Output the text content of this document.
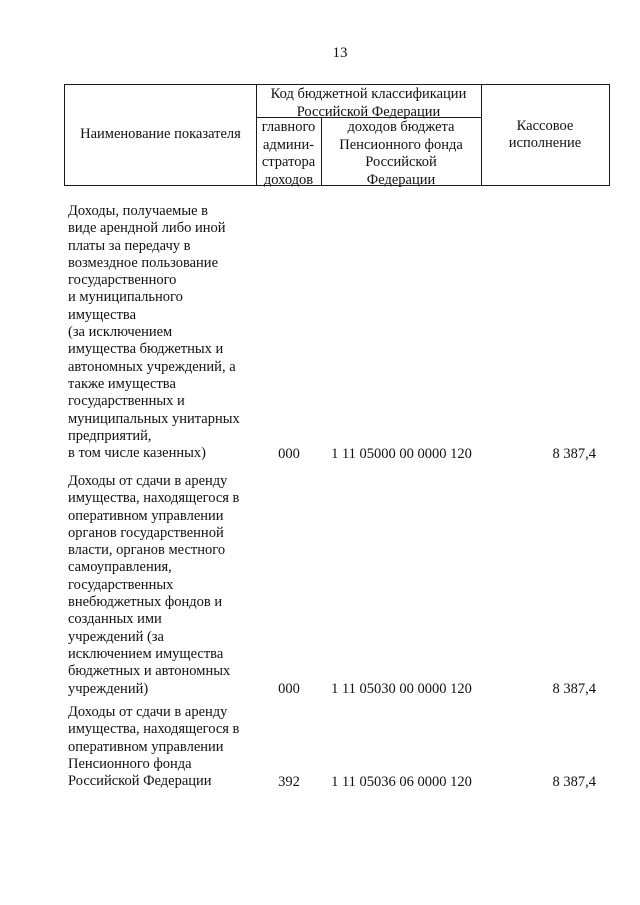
13
Наименование показателя
Код бюджетной классификации
Российской Федерации
главного
админи-
стратора
доходов
доходов бюджета
Пенсионного фонда
Российской
Федерации
Кассовое
исполнение
Доходы, получаемые в
виде арендной либо иной
платы за передачу в
возмездное пользование
государственного
и муниципального
имущества
(за исключением
имущества бюджетных и
автономных учреждений, а
также имущества
государственных и
муниципальных унитарных
предприятий,
в том числе казенных)	000	1 11 05000 00 0000 120	8 387,4
Доходы от сдачи в аренду
имущества, находящегося в
оперативном управлении
органов государственной
власти, органов местного
самоуправления,
государственных
внебюджетных фондов и
созданных ими
учреждений (за
исключением имущества
бюджетных и автономных
учреждений)	000	1 11 05030 00 0000 120	8 387,4
Доходы от сдачи в аренду
имущества, находящегося в
оперативном управлении
Пенсионного фонда
Российской Федерации	392	1 11 05036 06 0000 120	8 387,4
